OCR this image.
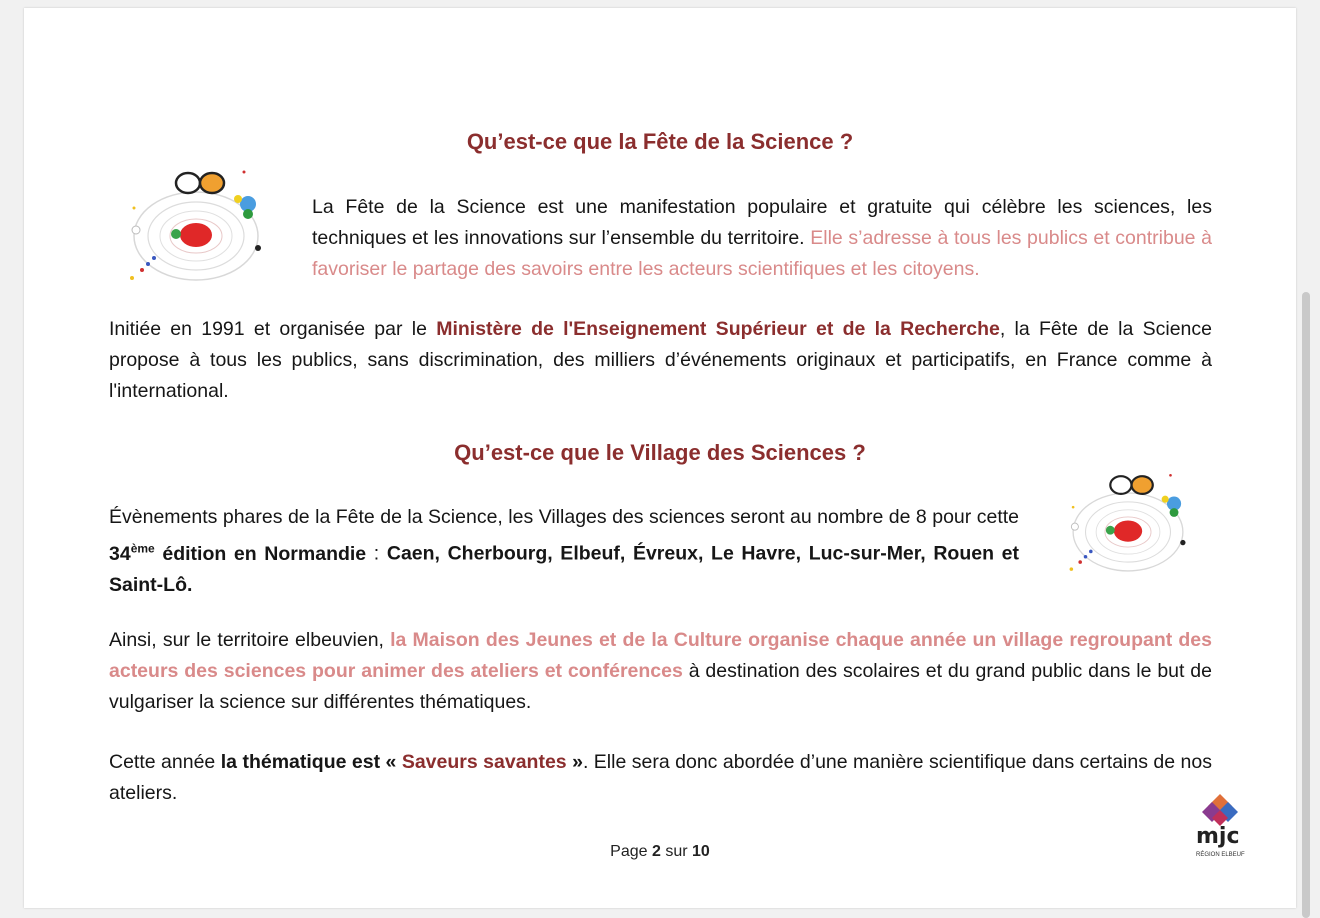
Qu’est-ce que la Fête de la Science ?
La Fête de la Science est une manifestation populaire et gratuite qui célèbre les sciences, les techniques et les innovations sur l’ensemble du territoire. Elle s’adresse à tous les publics et contribue à favoriser le partage des savoirs entre les acteurs scientifiques et les citoyens.
Initiée en 1991 et organisée par le Ministère de l'Enseignement Supérieur et de la Recherche, la Fête de la Science propose à tous les publics, sans discrimination, des milliers d’événements originaux et participatifs, en France comme à l'international.
Qu’est-ce que le Village des Sciences ?
Évènements phares de la Fête de la Science, les Villages des sciences seront au nombre de 8 pour cette 34ème édition en Normandie : Caen, Cherbourg, Elbeuf, Évreux, Le Havre, Luc-sur-Mer, Rouen et Saint-Lô.
Ainsi, sur le territoire elbeuvien, la Maison des Jeunes et de la Culture organise chaque année un village regroupant des acteurs des sciences pour animer des ateliers et conférences à destination des scolaires et du grand public dans le but de vulgariser la science sur différentes thématiques.
Cette année la thématique est « Saveurs savantes ». Elle sera donc abordée d’une manière scientifique dans certains de nos ateliers.
Page 2 sur 10
mjc
RÉGION ELBEUF
